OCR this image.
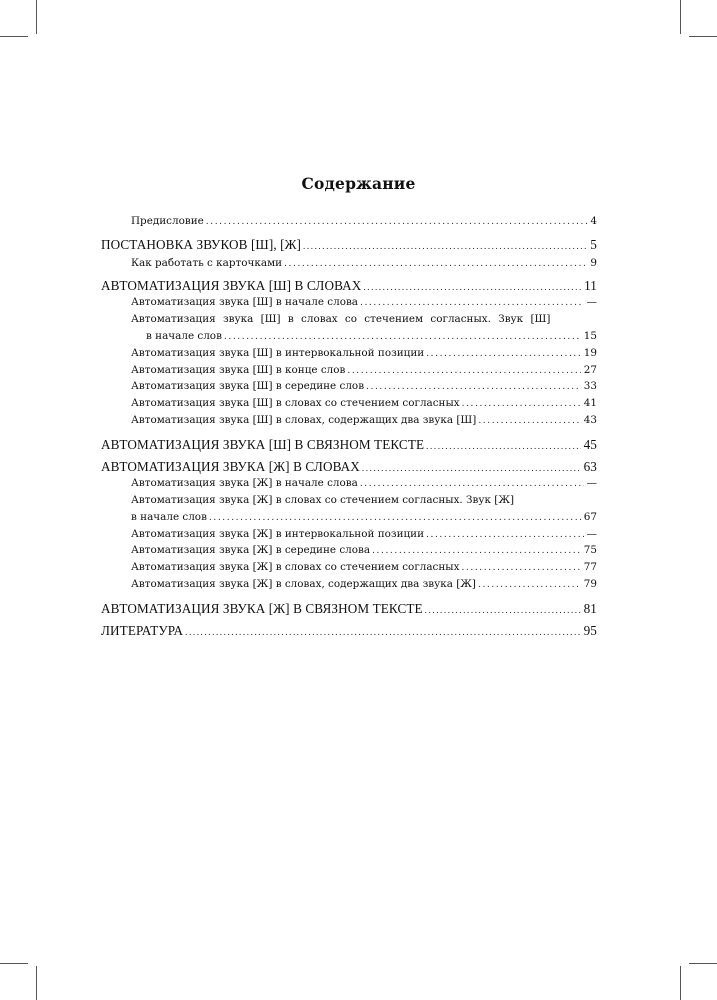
Содержание
Предисловие .....	4
ПОСТАНОВКА ЗВУКОВ [Ш], [Ж] .....	5
Как работать с карточками .....	9
АВТОМАТИЗАЦИЯ ЗВУКА [Ш] В СЛОВАХ .....	11
Автоматизация звука [Ш] в начале слова .....	—
Автоматизация звука [Ш] в словах со стечением согласных. Звук [Ш]
в начале слов .....	15
Автоматизация звука [Ш] в интервокальной позиции .....	19
Автоматизация звука [Ш] в конце слов .....	27
Автоматизация звука [Ш] в середине слов .....	33
Автоматизация звука [Ш] в словах со стечением согласных .....	41
Автоматизация звука [Ш] в словах, содержащих два звука [Ш] .....	43
АВТОМАТИЗАЦИЯ ЗВУКА [Ш] В СВЯЗНОМ ТЕКСТЕ .....	45
АВТОМАТИЗАЦИЯ ЗВУКА [Ж] В СЛОВАХ .....	63
Автоматизация звука [Ж] в начале слова .....	—
Автоматизация звука [Ж] в словах со стечением согласных. Звук [Ж]
в начале слов .....	67
Автоматизация звука [Ж] в интервокальной позиции .....	—
Автоматизация звука [Ж] в середине слова .....	75
Автоматизация звука [Ж] в словах со стечением согласных .....	77
Автоматизация звука [Ж] в словах, содержащих два звука [Ж] .....	79
АВТОМАТИЗАЦИЯ ЗВУКА [Ж] В СВЯЗНОМ ТЕКСТЕ .....	81
ЛИТЕРАТУРА .....	95
